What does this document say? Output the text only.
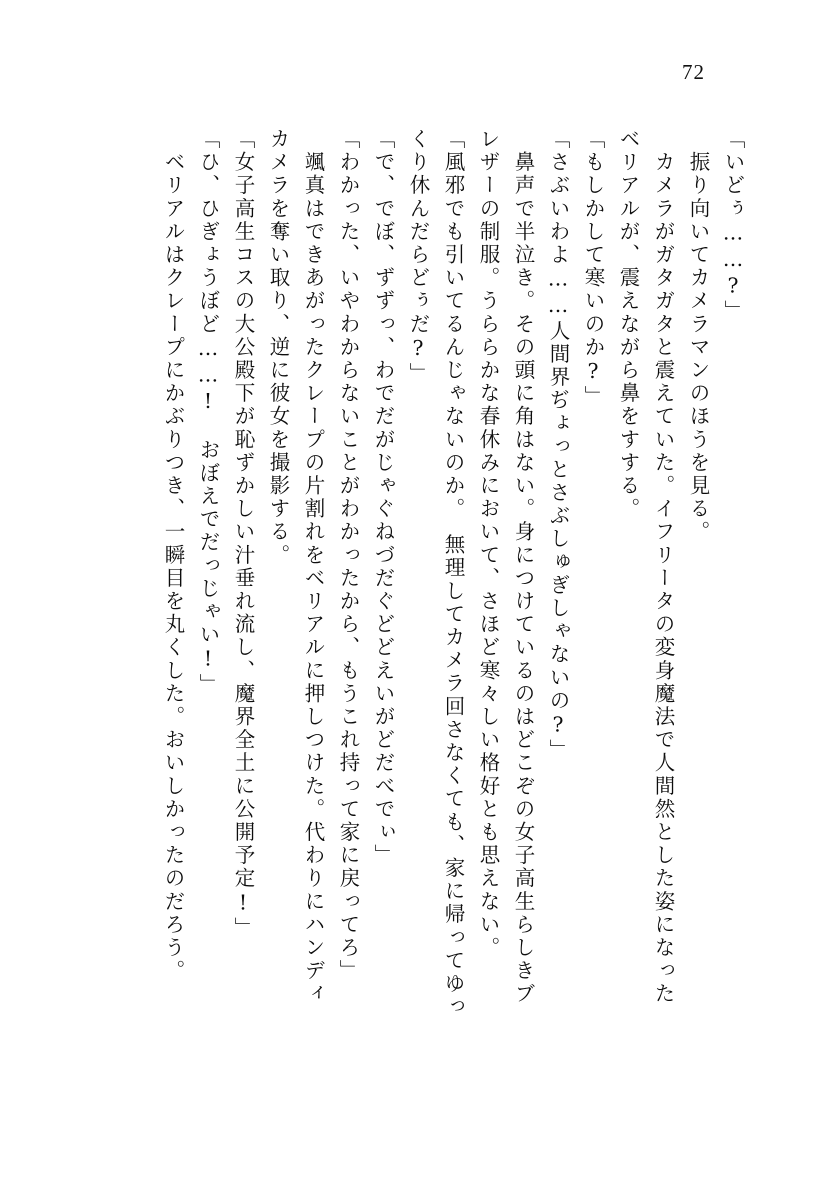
72
「いどぅ……?」
　振り向いてカメラマンのほうを見る。
　カメラがガタガタと震えていた。イフリータの変身魔法で人間然とした姿になった
ベリアルが、震えながら鼻をすする。
「もしかして寒いのか?」
「さぶいわよ……人間界ぢょっとさぶしゅぎしゃないの?」
　鼻声で半泣き。その頭に角はない。身につけているのはどこぞの女子高生らしきブ
レザーの制服。うららかな春休みにおいて、さほど寒々しい格好とも思えない。
「風邪でも引いてるんじゃないのか。　無理してカメラ回さなくても、家に帰ってゆっ
くり休んだらどぅだ?」
「で、でぼ、ずずっ、わでだがじゃぐねづだぐどどえいがどだべでぃ」
「わかった、いやわからないことがわかったから、もうこれ持って家に戻ってろ」
　颯真はできあがったクレープの片割れをベリアルに押しつけた。代わりにハンディ
カメラを奪い取り、逆に彼女を撮影する。
「女子高生コスの大公殿下が恥ずかしい汁垂れ流し、魔界全土に公開予定!」
「ひ、ひぎょうぼど……!　おぼえでだっじゃい!」
　ベリアルはクレープにかぶりつき、一瞬目を丸くした。おいしかったのだろう。
